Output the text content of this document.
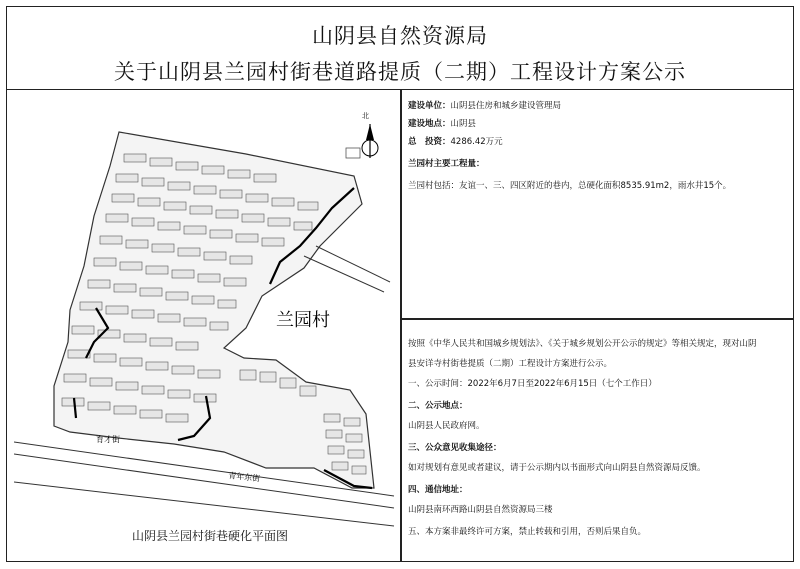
山阴县自然资源局
关于山阴县兰园村街巷道路提质（二期）工程设计方案公示
北
兰园村
育才街
青年东街
山阴县兰园村街巷硬化平面图
建设单位：山阴县住房和城乡建设管理局
建设地点：山阴县
总　投资：4286.42万元
兰园村主要工程量：
兰园村包括：友谊一、三、四区附近的巷内，总硬化面积8535.91m2，雨水井15个。
按照《中华人民共和国城乡规划法》、《关于城乡规划公开公示的规定》等相关规定，现对山阴
县安详寺村街巷提质（二期）工程设计方案进行公示。
一、公示时间：2022年6月7日至2022年6月15日（七个工作日）
二、公示地点：
山阴县人民政府网。
三、公众意见收集途径：
如对规划有意见或者建议，请于公示期内以书面形式向山阴县自然资源局反馈。
四、通信地址：
山阴县南环西路山阴县自然资源局三楼
五、本方案非最终许可方案，禁止转载和引用，否则后果自负。
